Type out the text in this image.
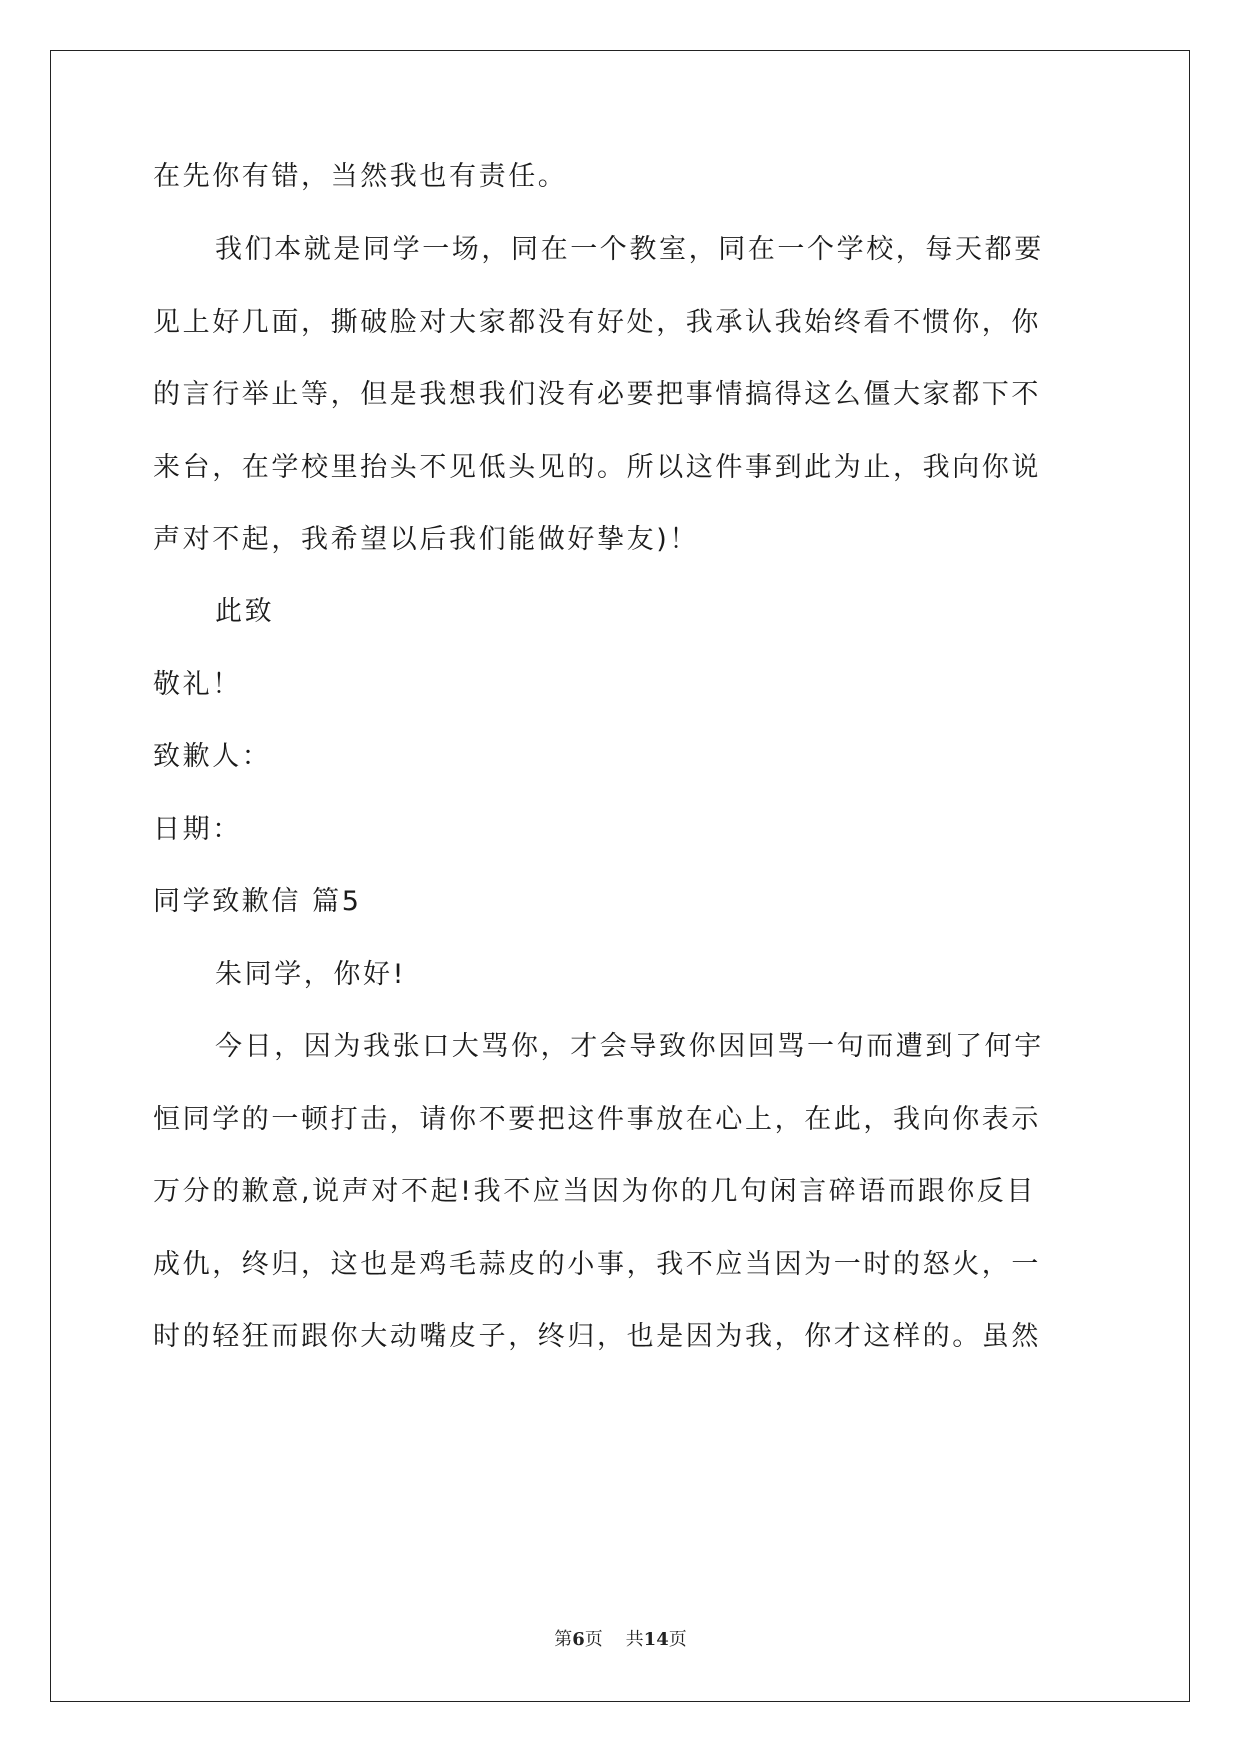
在先你有错，当然我也有责任。
我们本就是同学一场，同在一个教室，同在一个学校，每天都要
见上好几面，撕破脸对大家都没有好处，我承认我始终看不惯你，你
的言行举止等，但是我想我们没有必要把事情搞得这么僵大家都下不
来台，在学校里抬头不见低头见的。所以这件事到此为止，我向你说
声对不起，我希望以后我们能做好挚友)！
此致
敬礼！
致歉人：
日期：
同学致歉信 篇5
朱同学，你好!
今日，因为我张口大骂你，才会导致你因回骂一句而遭到了何宇
恒同学的一顿打击，请你不要把这件事放在心上，在此，我向你表示
万分的歉意,说声对不起!我不应当因为你的几句闲言碎语而跟你反目
成仇，终归，这也是鸡毛蒜皮的小事，我不应当因为一时的怒火，一
时的轻狂而跟你大动嘴皮子，终归，也是因为我，你才这样的。虽然
第6页 共14页
